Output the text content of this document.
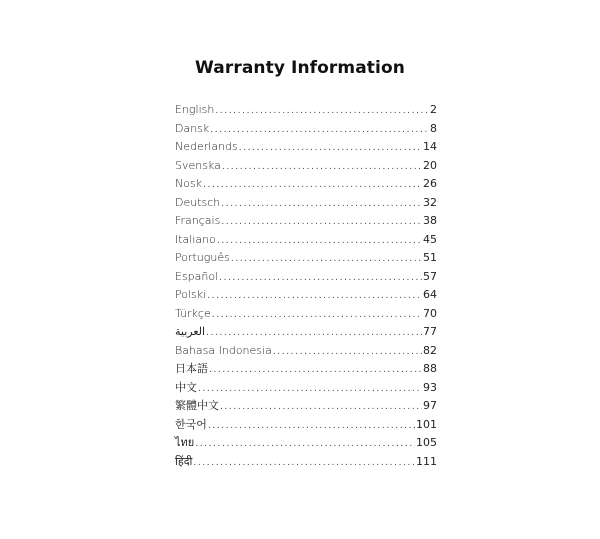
Warranty Information
English .....	2
Dansk .....	8
Nederlands .....	14
Svenska .....	20
Nosk .....	26
Deutsch .....	32
Français .....	38
Italiano .....	45
Português .....	51
Español .....	57
Polski .....	64
Türkçe .....	70
العربية .....	77
Bahasa Indonesia .....	82
日本語 .....	88
中文 .....	93
繁體中文 .....	97
한국어 .....	101
ไทย .....	105
हिंदी .....	111
